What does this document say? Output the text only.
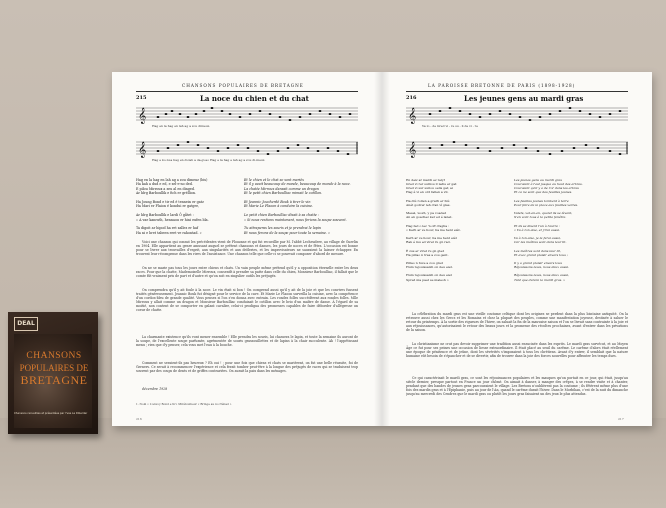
CHANSONS POPULAIRES DE BRETAGNE
215	La noce du chien et du chat
𝄞
𝄞
Hag en la hag en lah ag a zou dimeuz.
Hag e ko-ni-a hag en di-lah a da-gi-ao Hag e la hag e lah ag a zou di-meuz.
Hag en la hag en lah ag a zou dimeuz (bis)
Ha kah a dud e ed, e zel-e-no ded.
E pilou Mirroux a zeu al en dinged.
Ar hîrg Barboullik e fich er gréllion.
Ha Joung Bond e tir ed é tennein er gatz
Ha Mari er Flaion é kondui er gatgre,
Ar hîrg Barboullik e lardi Ö gåtet :
« A vae kanruth, hennaou er hini eufen bla.
Ta digoit ar hipod ha ret zallez er haf
Ha ni e hret tabeen eret ve rahontad. »
Et le chien et le chat se sont mariés
Et il y avait beaucoup de monde, beaucoup de monde à la noce.
La chatte Mirroux dansait comme un dragon
Et le petit chien Barboulliac mimait le cotillon.
Et Jeannic Joucherdé Bouk à tirer le vin
Et Marie Le Flaoon à conduire la cuisine.
Le petit chien Barboulliac disait à sa chatte :
« Si nous restions maintenant, nous ferions la soupe souvent.
Tu attraperas les souris et je prendrai le lapin
Et nous ferons de la soupe pour toute la semaine. »
Voici une chanson qui connut les précédentes vient de Plouzane et qui fut recueillie par M. l'abbé Lecheudere, au village de Guerlin en 1904. Elle appartient au genre amusant auquel se prêtent chansons et danses, les jours de noces et de fêtes. L'occasion est bonne pour se livrer aux trouvailles d'esprit, aux singularités et aux drôleries, et les improvisateurs ne sauraient la laisser échapper. En trouvent leur récompense dans les rires de l'assistance. Une chanson telle que celle-ci se pourvait composer d'abord de mesure.
On ne se marie pas tous les jours entre chiens et chats. Un vain peuple même prétend qu'il y a opposition éternelle entre les deux races. Pour que la chatte, Mademoiselle Mirroux, consentît à prendre sa patte dans celle du chien, Monsieur Barboulliac, il fallait que le comte fût vraiment pris de part et d'autre et qu'on soit en singulier outils les préjugés.
On comprendra qu'il y ait foule à la noce. Le vin était si bon ! On comprend aussi qu'il y ait de la joie et que les convives fussent traités généreusement. Jeannic Bouk fut désigné pour le service de la cave. Et Marie Le Flaoon surveilla la cuisine, avec la compétence d'un cordon-bleu de grande qualité. Vous pensez si l'on s'en donna avec entrain. Les rondes folles succédèrent aux rondes folles. Mlle Mirroux y allait comme un dragon et Monsieur Barboulliac conduisait le cotillon avec le brio d'un maître de danse. À l'égard de sa moitié, non content de se comporter en galant cavalier, celui-ci prodigua des promesses capables de faire déborder d'allégresse un coeur de chatte.
La charmante existence qu'ils vont mener ensemble ! Elle prendra les souris, lui chassera le lapin, et toute la semaine ils auront de la soupe, de l'excellente soupe parfumée, agrémentée de souris grassouillettes et de lapins à la chair succulente. Ah ! l'appétissant menu ; rien que d'y penser, cela vous met l'eau à la bouche.
Comment ne seraient-ils pas heureux ? Eh oui ! ; pour une fois que chiens et chats se marièrent, on fut une belle réussite, foi de Gerners. Ce serait à recommencer l'expérience et cela ferait tomber peut-être à la longue des préjugés de races qui se traduisent trop souvent par des coups de dents et de griffes contrariées. On aurait la paix dans les ménages.
décembre 1928
1. Noël « L'envoy Bond e tir» Mirébonheur « Bringe au no frébad »
216
LA PAROISSE BRETONNE DE PARIS (1898-1928)
216	Les jeunes gens au mardi gras
𝄞
𝄞
Va lo - de Gred vi - re su - li de vi - re
En deiz ar mardi ez relyf
Gred vi rer sulliou 0 ledis er gaf.
Gred vi sur suilou oelis gaf, ai
Hag ê vi en ord fallen a vil.
Ha diù rollen a grarh er hiù
Anét godrer leh d'an vî glas.
Mesel, wozh, y pa voaded
An en goachez ker ed é lanet.
Hag fed o lez 'n off d'agha :
« Kerh ar ve hour, ha me hent eiét.
Kerh ar ve hour, ha me hent eiét
Rak é mu ed viret ru gn rad.
Ë zus er viret ru gn gled
Ha pillao n tras a zou gent.
Pillao n fuve a zou gred
Hum rejouissaizh on deu eiet.
Hum rejouissaizh on deu eiet
Spred ma paet se maleoh »
Les jeunes gens au mardi gras
Couraient à l'est jusque au haut des arbres.
Couraient qu'il y a de l'or dans les arbres
Et ce ne sont que des feuilles jaunes.
Les feuilles jaunes tombent à terre
Pour faire de la place aux feuilles vertes.
Valets, vat-en-en, quand ils se lèvent,
S'en vont tous à la petite fenêtre.
Et ils se disent l'un à l'autre :
« Va à ton aise, et j'irai aussi.
Va à ton aise, je le ferai aussi,
Car les maîtres sont dans leur lit.
Les maîtres sont dans leur lit,
Et avec grand plaisir envers tous ;
Il y a grand plaisir envers tous
Réjouissons-nous, nous deux aussi.
Réjouissons-nous, nous deux aussi,
Tant que durera le mardi gras. »
La célébration du mardi gras est une vieille coutume celtique dont les origines se perdent dans la plus lointaine antiquité. On la retrouve aussi chez les Grecs et les Romains et chez la plupart des peuples, comme une manifestation joyeuse, destinée à saluer le retour du printemps. À la sortie des rigueurs de l'hiver, on saluait la fin de la mauvaise saison et l'on se livrait sans contrainte à la joie et aux réjouissances, qu'autorisaient le retour des beaux jours et la promesse des récoltes prochaines, avant d'entrer dans les privations de la saison.
La christianisme ne crut pas devoir supprimer une tradition aussi enracinée dans les esprits. Le mardi gras survécut, et au Moyen Âge ce fut pour ses peines une occasion de liesse extraordinaire. Il était placé au seuil du carême. Le carême d'alors était réellement une époque de pénitence et de jeûne, dont les sévérités s'imposaient à tous les chrétiens. Avant d'y entrer, il semblait que la nature humaine eût besoin de s'épancher et de se divertir, afin de trouver dans la joie des forces nouvelles pour affronter les temps durs.
Ce qui caractérisait le mardi gras, ce sont les réjouissances populaires et les masques qu'on portait en ce jour, qui était, jusqu'au siècle dernier, presque partout en France un jour chômé. On aimait à danser, à manger des crêpes, à se rendre visite et à chanter, pendant que des bandes de jeunes gens parcouraient le village. Les Bretons n'oublièrent pas la coutume ; ils fêtèrent même plus d'une fois des mardis gras et à l'Épiphanie, puis au jour de l'An, quand le carême durait l'hiver. Dans le Morbihan, c'est de la nuit du dimanche jusqu'au mercredi des Cendres que le mardi gras ou plutôt les jours gras faisaient un des jeux le plus attendus.
217
DEAL
CHANSONS
POPULAIRES DE
BRETAGNE
Chansons recueillies et présentées par Yves Le Diberder
